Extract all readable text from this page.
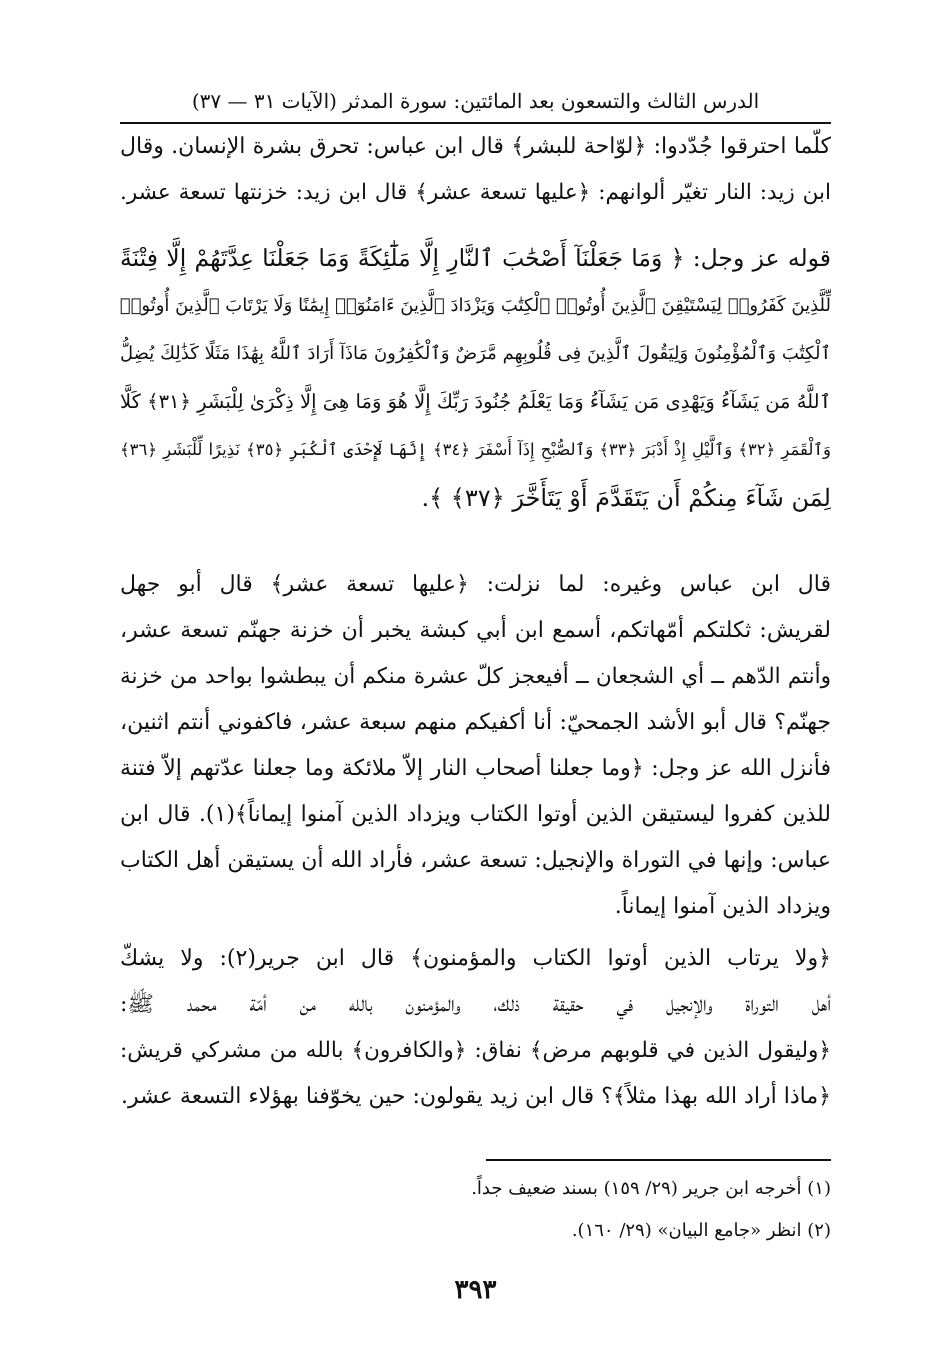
الدرس الثالث والتسعون بعد المائتين: سورة المدثر (الآيات ٣١ — ٣٧)
كلّما احترقوا جُدّدوا: ﴿لوّاحة للبشر﴾ قال ابن عباس: تحرق بشرة الإنسان. وقال
ابن زيد: النار تغيّر ألوانهم: ﴿عليها تسعة عشر﴾ قال ابن زيد: خزنتها تسعة عشر.
قوله عز وجل: ﴿ وَمَا جَعَلْنَآ أَصْحَٰبَ ٱلنَّارِ إِلَّا مَلَٰٓئِكَةً وَمَا جَعَلْنَا عِدَّتَهُمْ إِلَّا فِتْنَةً
لِّلَّذِينَ كَفَرُوا۟ لِيَسْتَيْقِنَ ٱلَّذِينَ أُوتُوا۟ ٱلْكِتَٰبَ وَيَزْدَادَ ٱلَّذِينَ ءَامَنُوٓا۟ إِيمَٰنًا وَلَا يَرْتَابَ ٱلَّذِينَ أُوتُوا۟
ٱلْكِتَٰبَ وَٱلْمُؤْمِنُونَ وَلِيَقُولَ ٱلَّذِينَ فِى قُلُوبِهِم مَّرَضٌ وَٱلْكَٰفِرُونَ مَاذَآ أَرَادَ ٱللَّهُ بِهَٰذَا مَثَلًا كَذَٰلِكَ يُضِلُّ
ٱللَّهُ مَن يَشَآءُ وَيَهْدِى مَن يَشَآءُ وَمَا يَعْلَمُ جُنُودَ رَبِّكَ إِلَّا هُوَ وَمَا هِىَ إِلَّا ذِكْرَىٰ لِلْبَشَرِ ﴿٣١﴾ كَلَّا
وَٱلْقَمَرِ ﴿٣٢﴾ وَٱلَّيْلِ إِذْ أَدْبَرَ ﴿٣٣﴾ وَٱلصُّبْحِ إِذَآ أَسْفَرَ ﴿٣٤﴾ إِنَّهَا لَإِحْدَى ٱلْكُبَرِ ﴿٣٥﴾ نَذِيرًا لِّلْبَشَرِ ﴿٣٦﴾
لِمَن شَآءَ مِنكُمْ أَن يَتَقَدَّمَ أَوْ يَتَأَخَّرَ ﴿٣٧﴾ ﴾.
قال ابن عباس وغيره: لما نزلت: ﴿عليها تسعة عشر﴾ قال أبو جهل
لقريش: ثكلتكم أمّهاتكم، أسمع ابن أبي كبشة يخبر أن خزنة جهنّم تسعة عشر،
وأنتم الدّهم ــ أي الشجعان ــ أفيعجز كلّ عشرة منكم أن يبطشوا بواحد من خزنة
جهنّم؟ قال أبو الأشد الجمحيّ: أنا أكفيكم منهم سبعة عشر، فاكفوني أنتم اثنين،
فأنزل الله عز وجل: ﴿وما جعلنا أصحاب النار إلاّ ملائكة وما جعلنا عدّتهم إلاّ فتنة
للذين كفروا ليستيقن الذين أوتوا الكتاب ويزداد الذين آمنوا إيماناً﴾(١). قال ابن
عباس: وإنها في التوراة والإنجيل: تسعة عشر، فأراد الله أن يستيقن أهل الكتاب
ويزداد الذين آمنوا إيماناً.
﴿ولا يرتاب الذين أوتوا الكتاب والمؤمنون﴾ قال ابن جرير(٢): ولا يشكّ
أهل التوراة والإنجيل في حقيقة ذلك، والمؤمنون بالله من أمّة محمد ﷺ:
﴿وليقول الذين في قلوبهم مرض﴾ نفاق: ﴿والكافرون﴾ بالله من مشركي قريش:
﴿ماذا أراد الله بهذا مثلاً﴾؟ قال ابن زيد يقولون: حين يخوّفنا بهؤلاء التسعة عشر.
(١) أخرجه ابن جرير (٢٩/ ١٥٩) بسند ضعيف جداً.
(٢) انظر «جامع البيان» (٢٩/ ١٦٠).
٣٩٣
